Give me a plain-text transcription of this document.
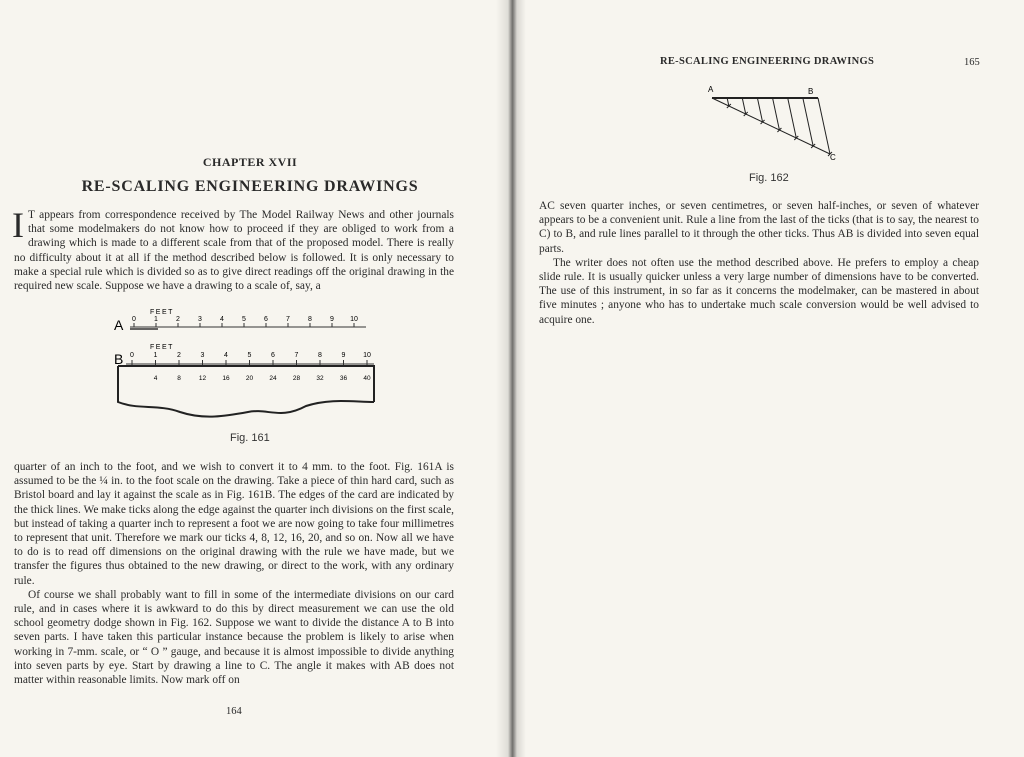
CHAPTER XVII
RE-SCALING ENGINEERING DRAWINGS

I T appears from correspondence received by The Model Railway News and other journals that some modelmakers do not know how to proceed if they are obliged to work from a drawing which is made to a different scale from that of the proposed model. There is really no difficulty about it at all if the method described below is followed. It is only necessary to make a special rule which is divided so as to give direct readings off the original drawing in the required new scale. Suppose we have a drawing to a scale of, say, a

A
FEET
0	1	2	3	4	5	6	7	8	9 10
B
FEET
0	1	2	3	4	5	6	7	8	9	10
4	8	12	16	20	24	28	32	36	40
Fig. 161

quarter of an inch to the foot, and we wish to convert it to 4 mm. to the foot. Fig. 161A is assumed to be the ¼ in. to the foot scale on the drawing. Take a piece of thin hard card, such as Bristol board and lay it against the scale as in Fig. 161B. The edges of the card are indicated by the thick lines. We make ticks along the edge against the quarter inch divisions on the first scale, but instead of taking a quarter inch to represent a foot we are now going to take four millimetres to represent that unit. Therefore we mark our ticks 4, 8, 12, 16, 20, and so on. Now all we have to do is to read off dimensions on the original drawing with the rule we have made, but we transfer the figures thus obtained to the new drawing, or direct to the work, with any ordinary rule.

Of course we shall probably want to fill in some of the intermediate divisions on our card rule, and in cases where it is awkward to do this by direct measurement we can use the old school geometry dodge shown in Fig. 162. Suppose we want to divide the distance A to B into seven parts. I have taken this particular instance because the problem is likely to arise when working in 7-mm. scale, or “ O ” gauge, and because it is almost impossible to divide anything into seven parts by eye. Start by drawing a line to C. The angle it makes with AB does not matter within reasonable limits. Now mark off on

164
RE-SCALING ENGINEERING DRAWINGS	165
A	B
C
Fig. 162

AC seven quarter inches, or seven centimetres, or seven half-inches, or seven of whatever appears to be a convenient unit. Rule a line from the last of the ticks (that is to say, the nearest to C) to B, and rule lines parallel to it through the other ticks. Thus AB is divided into seven equal parts.

The writer does not often use the method described above. He prefers to employ a cheap slide rule. It is usually quicker unless a very large number of dimensions have to be converted. The use of this instrument, in so far as it concerns the modelmaker, can be mastered in about five minutes ; anyone who has to undertake much scale conversion would be well advised to acquire one.
